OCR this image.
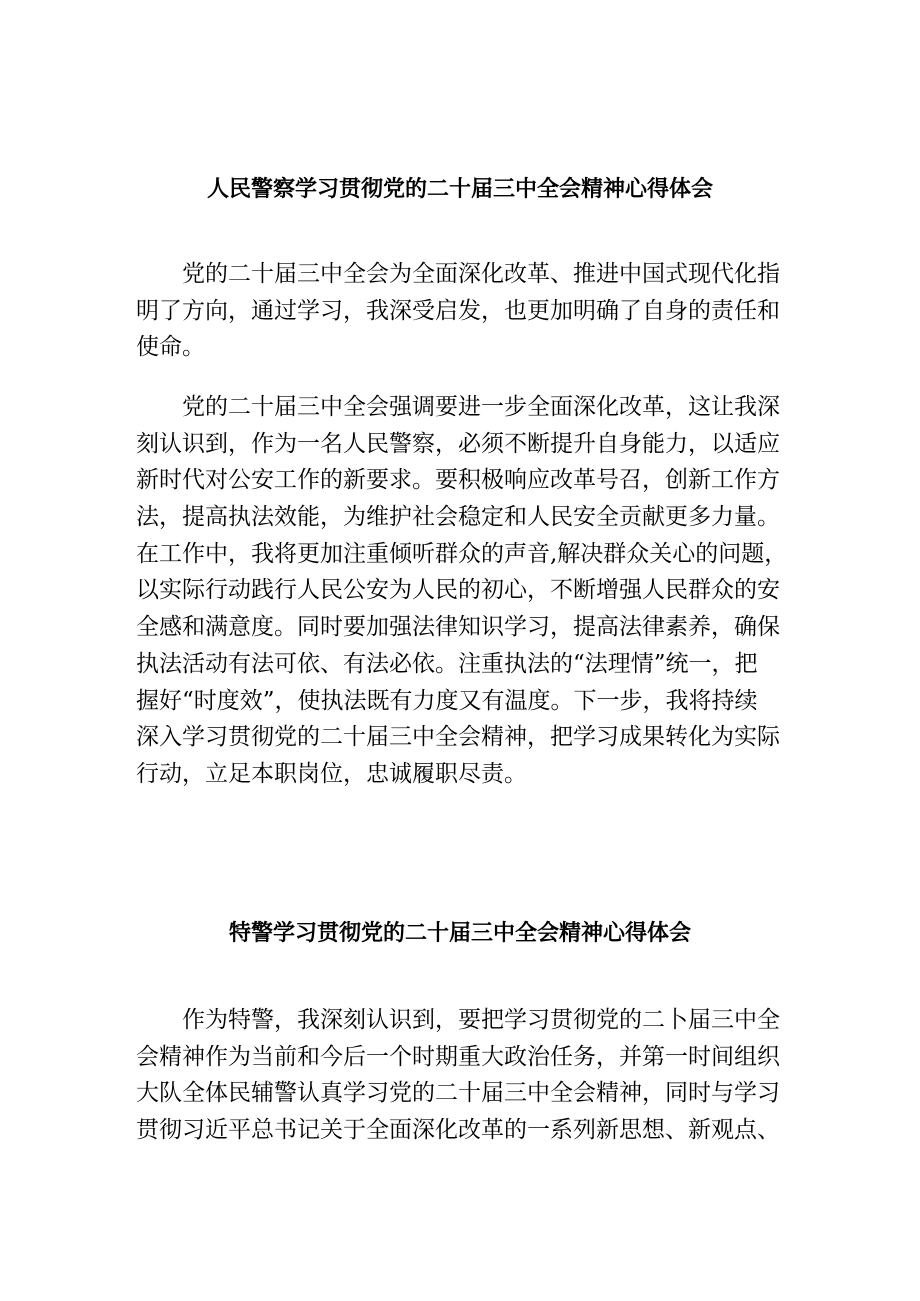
人民警察学习贯彻党的二十届三中全会精神心得体会

　　党的二十届三中全会为全面深化改革、推进中国式现代化指
明了方向，通过学习，我深受启发，也更加明确了自身的责任和
使命。

　　党的二十届三中全会强调要进一步全面深化改革，这让我深
刻认识到，作为一名人民警察，必须不断提升自身能力，以适应
新时代对公安工作的新要求。要积极响应改革号召，创新工作方
法，提高执法效能，为维护社会稳定和人民安全贡献更多力量。
在工作中，我将更加注重倾听群众的声音,解决群众关心的问题，
以实际行动践行人民公安为人民的初心，不断增强人民群众的安
全感和满意度。同时要加强法律知识学习，提高法律素养，确保
执法活动有法可依、有法必依。注重执法的“法理情”统一，把
握好“时度效”，使执法既有力度又有温度。下一步，我将持续
深入学习贯彻党的二十届三中全会精神，把学习成果转化为实际
行动，立足本职岗位，忠诚履职尽责。

特警学习贯彻党的二十届三中全会精神心得体会

　　作为特警，我深刻认识到，要把学习贯彻党的二卜届三中全
会精神作为当前和今后一个时期重大政治任务，并第一时间组织
大队全体民辅警认真学习党的二十届三中全会精神，同时与学习
贯彻习近平总书记关于全面深化改革的一系列新思想、新观点、
